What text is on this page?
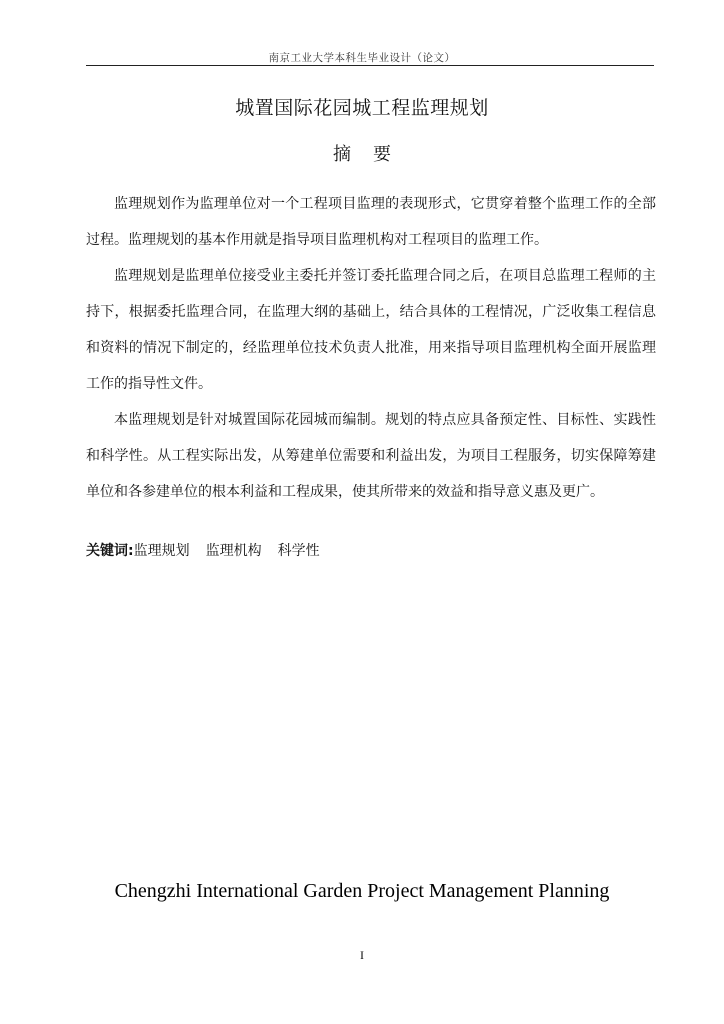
南京工业大学本科生毕业设计（论文）
城置国际花园城工程监理规划
摘要

监理规划作为监理单位对一个工程项目监理的表现形式，它贯穿着整个监理工作的全部过程。监理规划的基本作用就是指导项目监理机构对工程项目的监理工作。

监理规划是监理单位接受业主委托并签订委托监理合同之后，在项目总监理工程师的主持下，根据委托监理合同，在监理大纲的基础上，结合具体的工程情况，广泛收集工程信息和资料的情况下制定的，经监理单位技术负责人批准，用来指导项目监理机构全面开展监理工作的指导性文件。

本监理规划是针对城置国际花园城而编制。规划的特点应具备预定性、目标性、实践性和科学性。从工程实际出发，从筹建单位需要和利益出发，为项目工程服务，切实保障筹建单位和各参建单位的根本利益和工程成果，使其所带来的效益和指导意义惠及更广。

关键词:监理规划 监理机构 科学性
Chengzhi International Garden Project Management Planning
I
